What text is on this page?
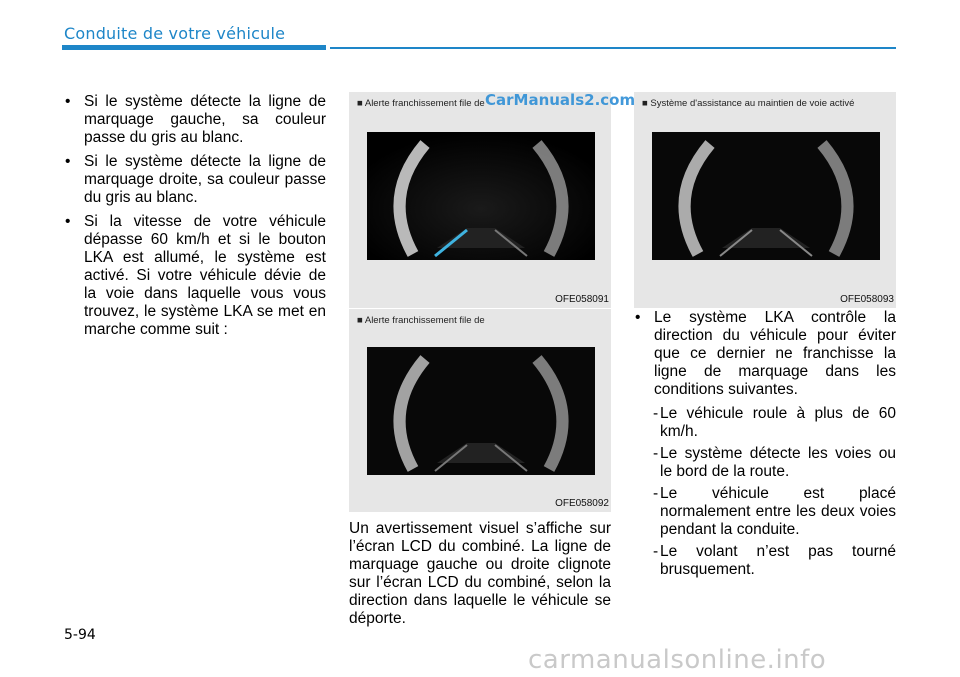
Conduite de votre véhicule
• Si le système détecte la ligne de marquage gauche, sa couleur passe du gris au blanc.
• Si le système détecte la ligne de marquage droite, sa couleur passe du gris au blanc.
• Si la vitesse de votre véhicule dépasse 60 km/h et si le bouton LKA est allumé, le système est activé. Si votre véhicule dévie de la voie dans laquelle vous vous trouvez, le système LKA se met en marche comme suit :
■ Alerte franchissement file de
OFE058091
■ Alerte franchissement file de
OFE058092
■ Système d'assistance au maintien de voie activé
OFE058093
CarManuals2.com
Un avertissement visuel s’affiche sur l’écran LCD du combiné. La ligne de marquage gauche ou droite clignote sur l’écran LCD du combiné, selon la direction dans laquelle le véhicule se déporte.
• Le système LKA contrôle la direction du véhicule pour éviter que ce dernier ne franchisse la ligne de marquage dans les conditions suivantes.
- Le véhicule roule à plus de 60 km/h.
- Le système détecte les voies ou le bord de la route.
- Le véhicule est placé normalement entre les deux voies pendant la conduite.
- Le volant n’est pas tourné brusquement.
5-94
carmanualsonline.info
